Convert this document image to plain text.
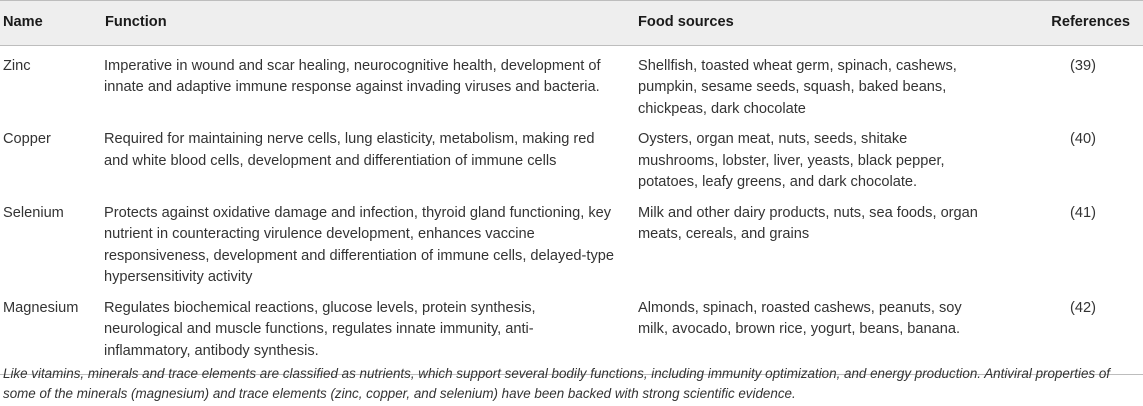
Name	Function	Food sources	References
Zinc	Imperative in wound and scar healing, neurocognitive health, development of innate and adaptive immune response against invading viruses and bacteria.	Shellfish, toasted wheat germ, spinach, cashews, pumpkin, sesame seeds, squash, baked beans, chickpeas, dark chocolate	(39)
Copper	Required for maintaining nerve cells, lung elasticity, metabolism, making red and white blood cells, development and differentiation of immune cells	Oysters, organ meat, nuts, seeds, shitake mushrooms, lobster, liver, yeasts, black pepper, potatoes, leafy greens, and dark chocolate.	(40)
Selenium	Protects against oxidative damage and infection, thyroid gland functioning, key nutrient in counteracting virulence development, enhances vaccine responsiveness, development and differentiation of immune cells, delayed-type hypersensitivity activity	Milk and other dairy products, nuts, sea foods, organ meats, cereals, and grains	(41)
Magnesium	Regulates biochemical reactions, glucose levels, protein synthesis, neurological and muscle functions, regulates innate immunity, anti-inflammatory, antibody synthesis.	Almonds, spinach, roasted cashews, peanuts, soy milk, avocado, brown rice, yogurt, beans, banana.	(42)
Like vitamins, minerals and trace elements are classified as nutrients, which support several bodily functions, including immunity optimization, and energy production. Antiviral properties of some of the minerals (magnesium) and trace elements (zinc, copper, and selenium) have been backed with strong scientific evidence.
